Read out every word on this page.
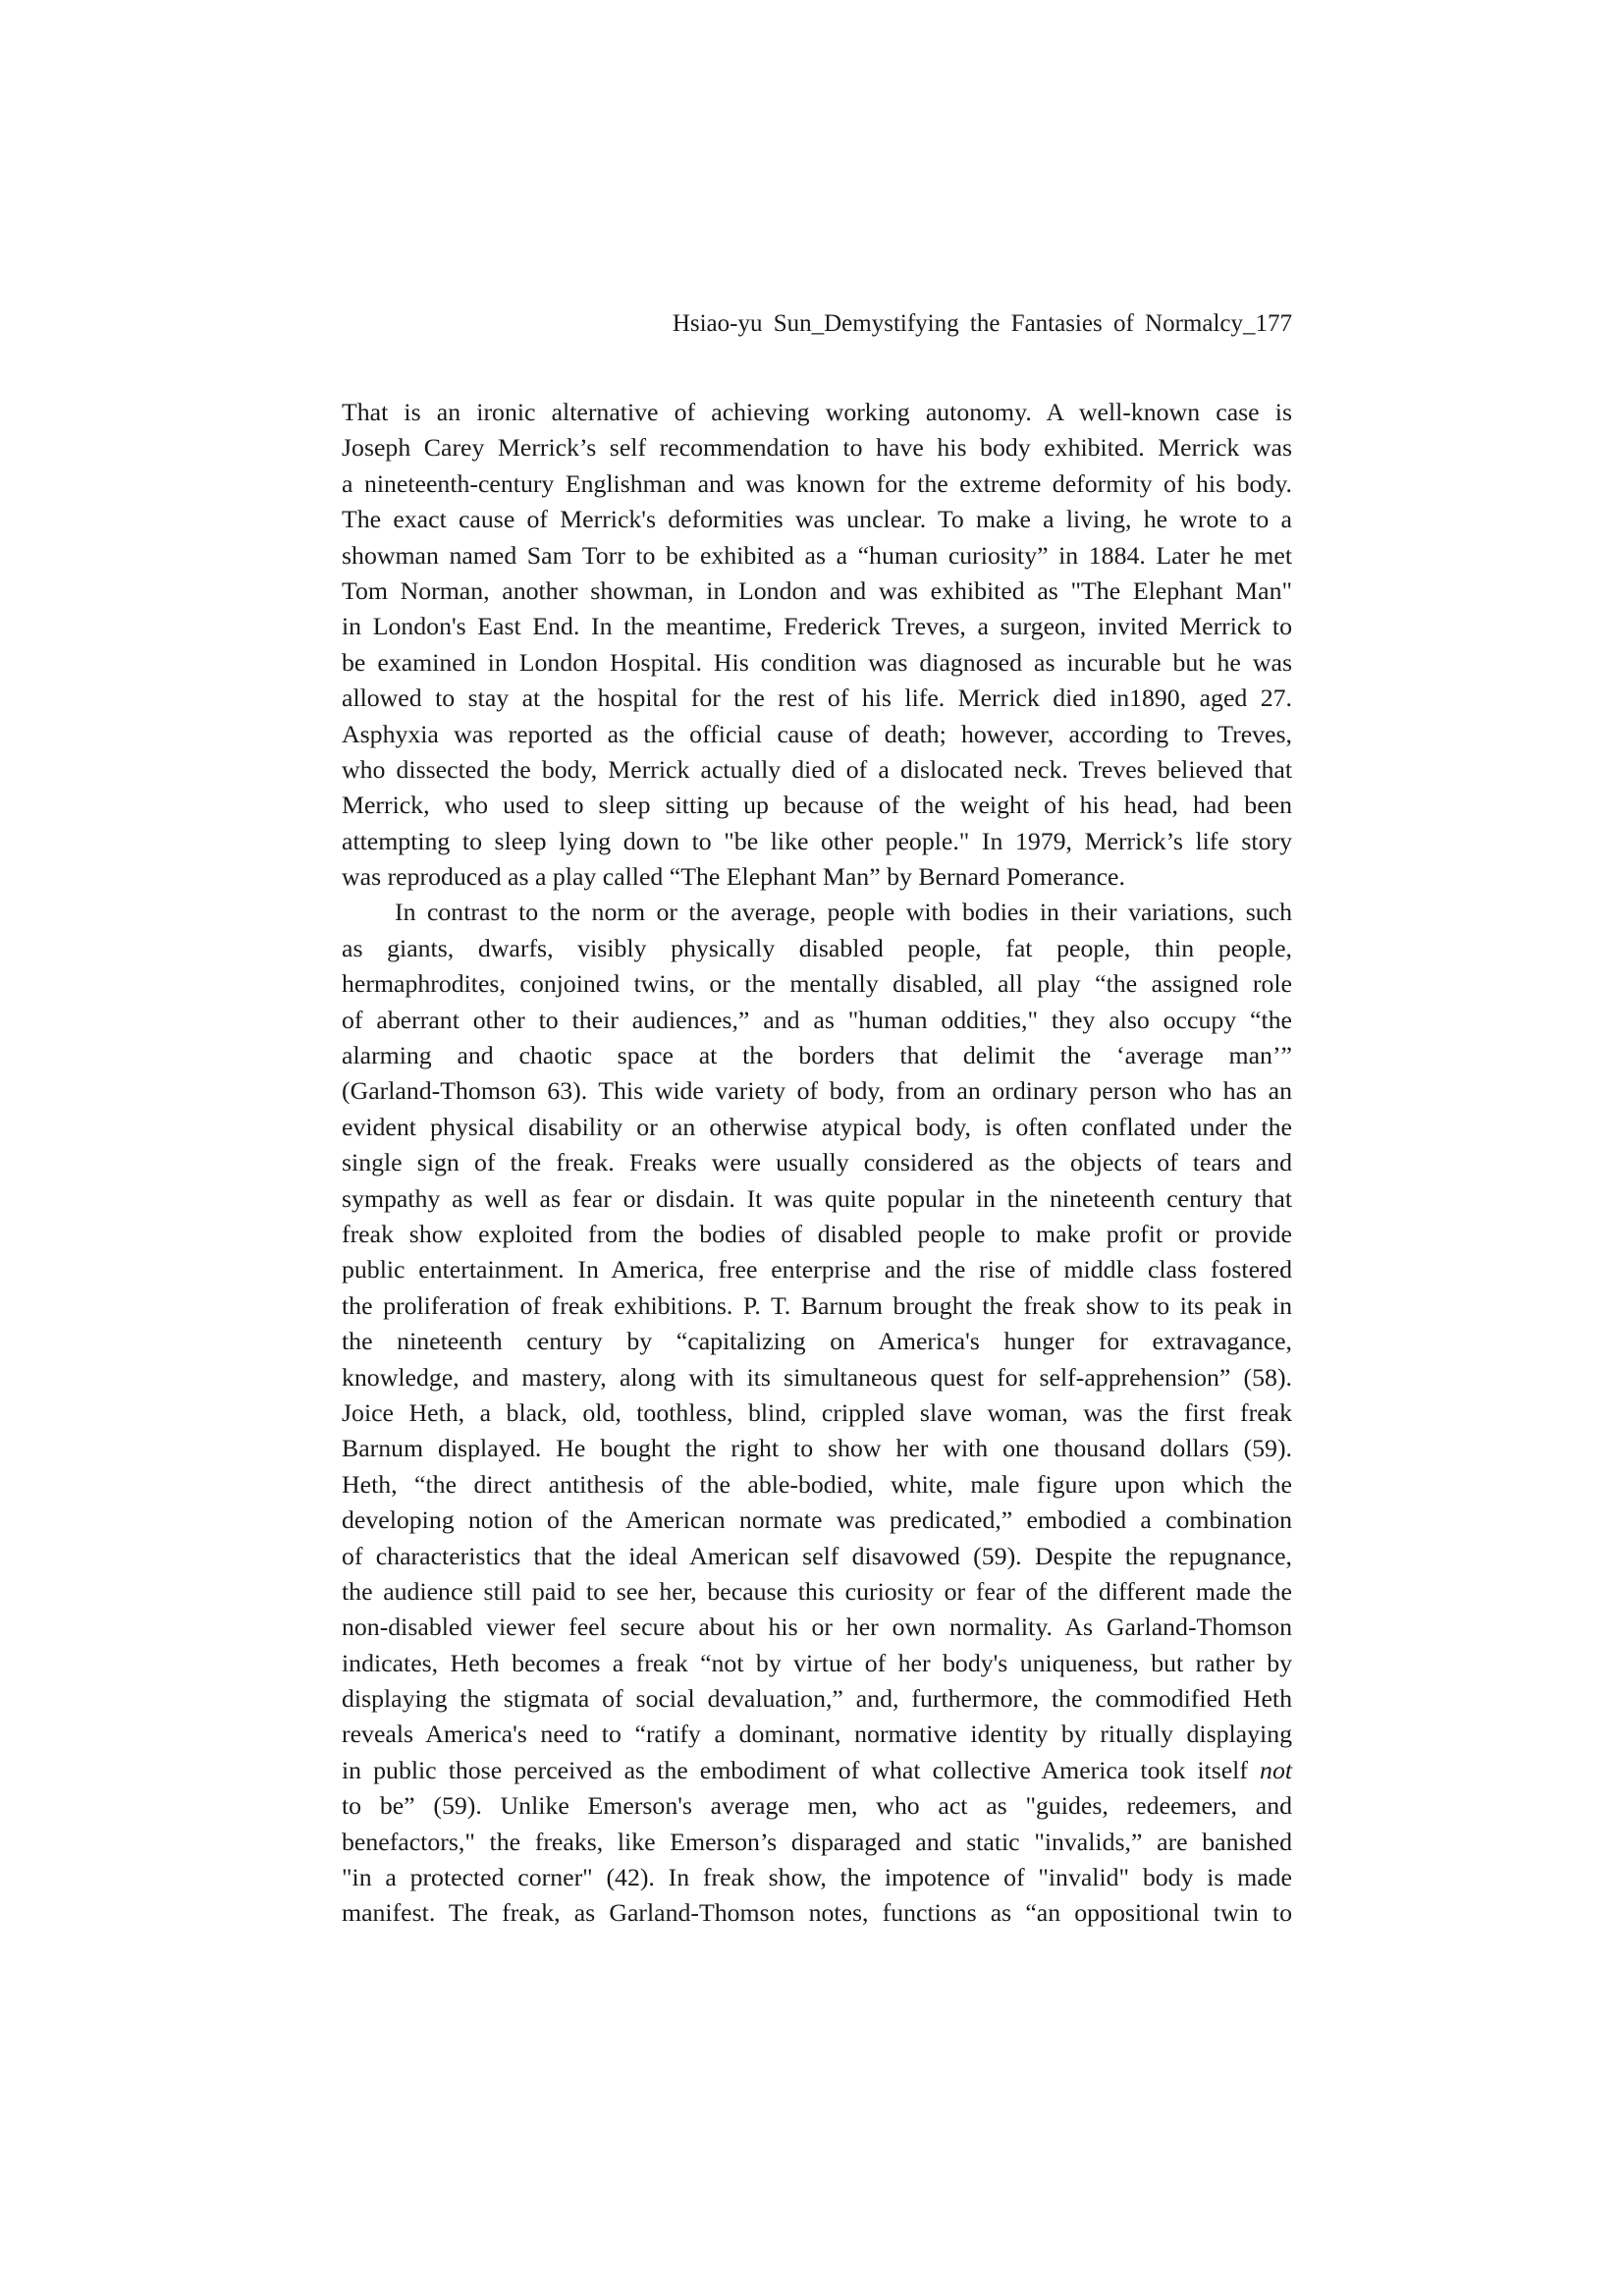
Hsiao-yu Sun_Demystifying the Fantasies of Normalcy_177
That is an ironic alternative of achieving working autonomy. A well-known case is
Joseph Carey Merrick’s self recommendation to have his body exhibited. Merrick was
a nineteenth-century Englishman and was known for the extreme deformity of his body.
The exact cause of Merrick's deformities was unclear. To make a living, he wrote to a
showman named Sam Torr to be exhibited as a “human curiosity” in 1884. Later he met
Tom Norman, another showman, in London and was exhibited as "The Elephant Man"
in London's East End. In the meantime, Frederick Treves, a surgeon, invited Merrick to
be examined in London Hospital. His condition was diagnosed as incurable but he was
allowed to stay at the hospital for the rest of his life. Merrick died in1890, aged 27.
Asphyxia was reported as the official cause of death; however, according to Treves,
who dissected the body, Merrick actually died of a dislocated neck. Treves believed that
Merrick, who used to sleep sitting up because of the weight of his head, had been
attempting to sleep lying down to "be like other people." In 1979, Merrick’s life story
was reproduced as a play called “The Elephant Man” by Bernard Pomerance.
In contrast to the norm or the average, people with bodies in their variations, such
as giants, dwarfs, visibly physically disabled people, fat people, thin people,
hermaphrodites, conjoined twins, or the mentally disabled, all play “the assigned role
of aberrant other to their audiences,” and as "human oddities," they also occupy “the
alarming and chaotic space at the borders that delimit the ‘average man’”
(Garland-Thomson 63). This wide variety of body, from an ordinary person who has an
evident physical disability or an otherwise atypical body, is often conflated under the
single sign of the freak. Freaks were usually considered as the objects of tears and
sympathy as well as fear or disdain. It was quite popular in the nineteenth century that
freak show exploited from the bodies of disabled people to make profit or provide
public entertainment. In America, free enterprise and the rise of middle class fostered
the proliferation of freak exhibitions. P. T. Barnum brought the freak show to its peak in
the nineteenth century by “capitalizing on America's hunger for extravagance,
knowledge, and mastery, along with its simultaneous quest for self-apprehension” (58).
Joice Heth, a black, old, toothless, blind, crippled slave woman, was the first freak
Barnum displayed. He bought the right to show her with one thousand dollars (59).
Heth, “the direct antithesis of the able-bodied, white, male figure upon which the
developing notion of the American normate was predicated,” embodied a combination
of characteristics that the ideal American self disavowed (59). Despite the repugnance,
the audience still paid to see her, because this curiosity or fear of the different made the
non-disabled viewer feel secure about his or her own normality. As Garland-Thomson
indicates, Heth becomes a freak “not by virtue of her body's uniqueness, but rather by
displaying the stigmata of social devaluation,” and, furthermore, the commodified Heth
reveals America's need to “ratify a dominant, normative identity by ritually displaying
in public those perceived as the embodiment of what collective America took itself not
to be” (59). Unlike Emerson's average men, who act as "guides, redeemers, and
benefactors," the freaks, like Emerson’s disparaged and static "invalids,” are banished
"in a protected corner" (42). In freak show, the impotence of "invalid" body is made
manifest. The freak, as Garland-Thomson notes, functions as “an oppositional twin to
